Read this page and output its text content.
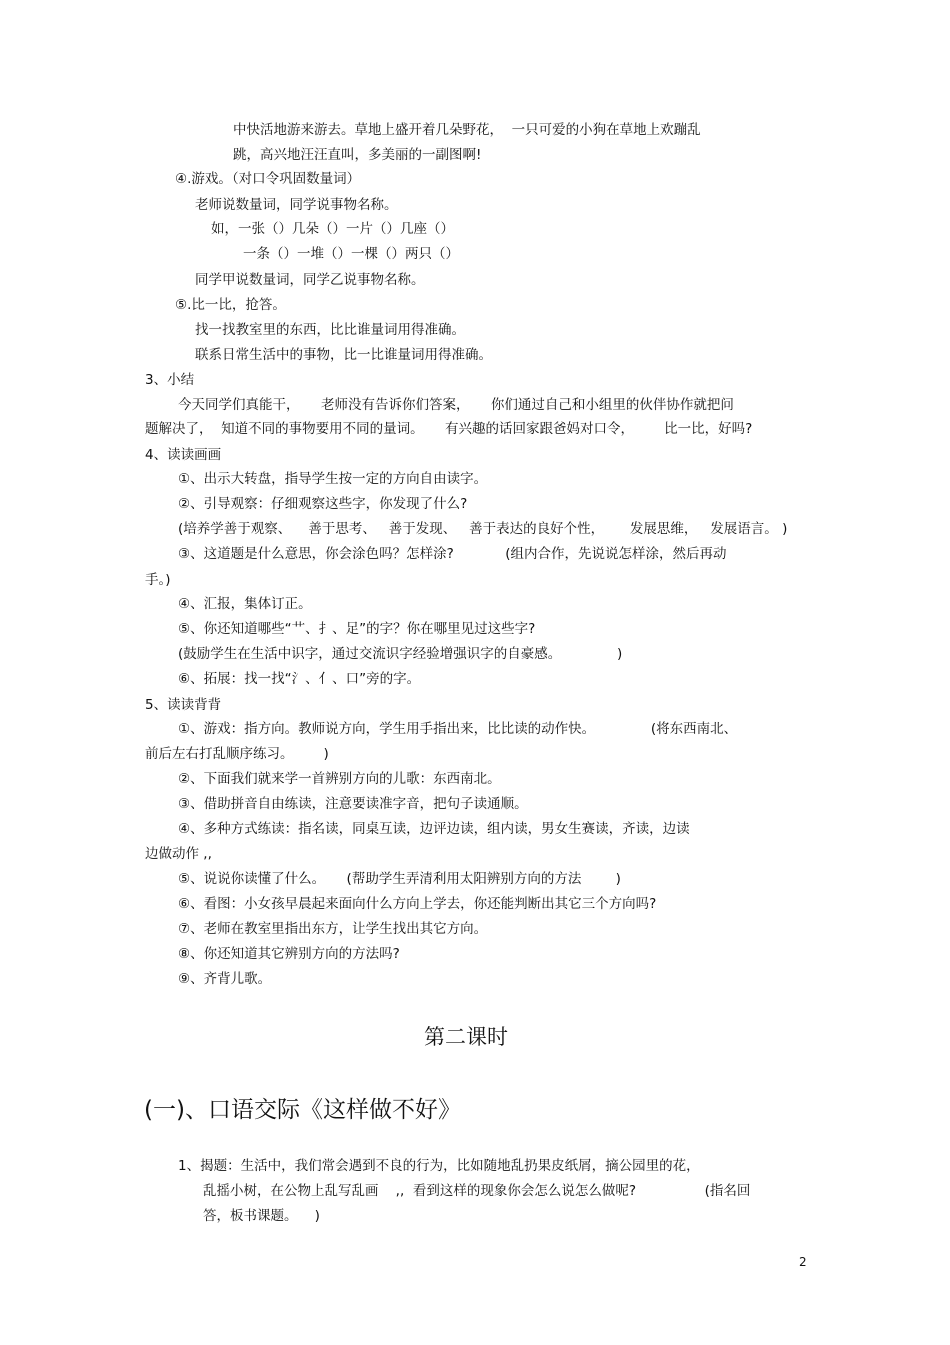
中快活地游来游去。草地上盛开着几朵野花，  一只可爱的小狗在草地上欢蹦乱
跳，高兴地汪汪直叫，多美丽的一副图啊!
④.游戏。（对口令巩固数量词）
老师说数量词，同学说事物名称。
如，一张（）几朵（）一片（）几座（）
一条（）一堆（）一棵（）两只（）
同学甲说数量词，同学乙说事物名称。
⑤.比一比，抢答。
找一找教室里的东西，比比谁量词用得准确。
联系日常生活中的事物，比一比谁量词用得准确。
3、小结
今天同学们真能干，     老师没有告诉你们答案，     你们通过自己和小组里的伙伴协作就把问
题解决了，  知道不同的事物要用不同的量词。     有兴趣的话回家跟爸妈对口令，       比一比，好吗?
4、读读画画
①、出示大转盘，指导学生按一定的方向自由读字。
②、引导观察：仔细观察这些字，你发现了什么?
(培养学善于观察、    善于思考、   善于发现、   善于表达的良好个性，      发展思维，   发展语言。 )
③、这道题是什么意思，你会涂色吗？怎样涂?            (组内合作，先说说怎样涂，然后再动
手。)
④、汇报，集体订正。
⑤、你还知道哪些“艹、扌、足”的字？你在哪里见过这些字?
(鼓励学生在生活中识字，通过交流识字经验增强识字的自豪感。             )
⑥、拓展：找一找“氵、亻、口”旁的字。
5、读读背背
①、游戏：指方向。教师说方向，学生用手指出来，比比读的动作快。             (将东西南北、
前后左右打乱顺序练习。       )
②、下面我们就来学一首辨别方向的儿歌：东西南北。
③、借助拼音自由练读，注意要读准字音，把句子读通顺。
④、多种方式练读：指名读，同桌互读，边评边读，组内读，男女生赛读，齐读，边读
边做动作 ,,
⑤、说说你读懂了什么。     (帮助学生弄清利用太阳辨别方向的方法        )
⑥、看图：小女孩早晨起来面向什么方向上学去，你还能判断出其它三个方向吗?
⑦、老师在教室里指出东方，让学生找出其它方向。
⑧、你还知道其它辨别方向的方法吗?
⑨、齐背儿歌。
第二课时
(一)、口语交际《这样做不好》
1、揭题：生活中，我们常会遇到不良的行为，比如随地乱扔果皮纸屑，摘公园里的花，
乱摇小树，在公物上乱写乱画    ,,  看到这样的现象你会怎么说怎么做呢?                (指名回
答，板书课题。    )
2
